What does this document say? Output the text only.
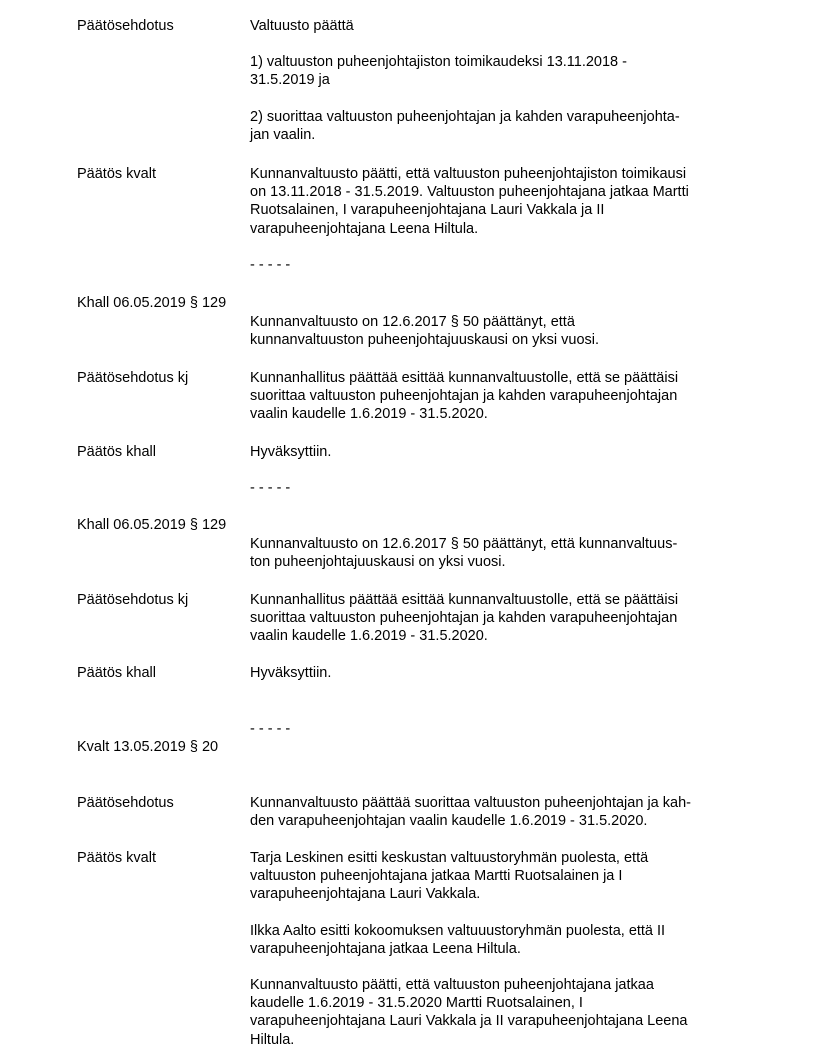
Päätösehdotus	Valtuusto päättä

1) valtuuston puheenjohtajiston toimikaudeksi 13.11.2018 -

31.5.2019 ja

2) suorittaa valtuuston puheenjohtajan ja kahden varapuheenjohta-

jan vaalin.

Päätös kvalt	Kunnanvaltuusto päätti, että valtuuston puheenjohtajiston toimikausi

on 13.11.2018 - 31.5.2019. Valtuuston puheenjohtajana jatkaa Martti

Ruotsalainen, I varapuheenjohtajana Lauri Vakkala ja II

varapuheenjohtajana Leena Hiltula.

- - - - -

Khall 06.05.2019 § 129

Kunnanvaltuusto on 12.6.2017 § 50 päättänyt, että

kunnanvaltuuston puheenjohtajuuskausi on yksi vuosi.

Päätösehdotus kj	Kunnanhallitus päättää esittää kunnanvaltuustolle, että se päättäisi

suorittaa valtuuston puheenjohtajan ja kahden varapuheenjohtajan

vaalin kaudelle 1.6.2019 - 31.5.2020.

Päätös khall	Hyväksyttiin.

- - - - -

Khall 06.05.2019 § 129

Kunnanvaltuusto on 12.6.2017 § 50 päättänyt, että kunnanvaltuus-

ton puheenjohtajuuskausi on yksi vuosi.

Päätösehdotus kj	Kunnanhallitus päättää esittää kunnanvaltuustolle, että se päättäisi

suorittaa valtuuston puheenjohtajan ja kahden varapuheenjohtajan

vaalin kaudelle 1.6.2019 - 31.5.2020.

Päätös khall	Hyväksyttiin.

- - - - -

Kvalt 13.05.2019 § 20
Päätösehdotus	Kunnanvaltuusto päättää suorittaa valtuuston puheenjohtajan ja kah-

den varapuheenjohtajan vaalin kaudelle 1.6.2019 - 31.5.2020.

Päätös kvalt	Tarja Leskinen esitti keskustan valtuustoryhmän puolesta, että

valtuuston puheenjohtajana jatkaa Martti Ruotsalainen ja I

varapuheenjohtajana Lauri Vakkala.

Ilkka Aalto esitti kokoomuksen valtuuustoryhmän puolesta, että II

varapuheenjohtajana jatkaa Leena Hiltula.

Kunnanvaltuusto päätti, että valtuuston puheenjohtajana jatkaa

kaudelle 1.6.2019 - 31.5.2020 Martti Ruotsalainen, I

varapuheenjohtajana Lauri Vakkala ja II varapuheenjohtajana Leena

Hiltula.
